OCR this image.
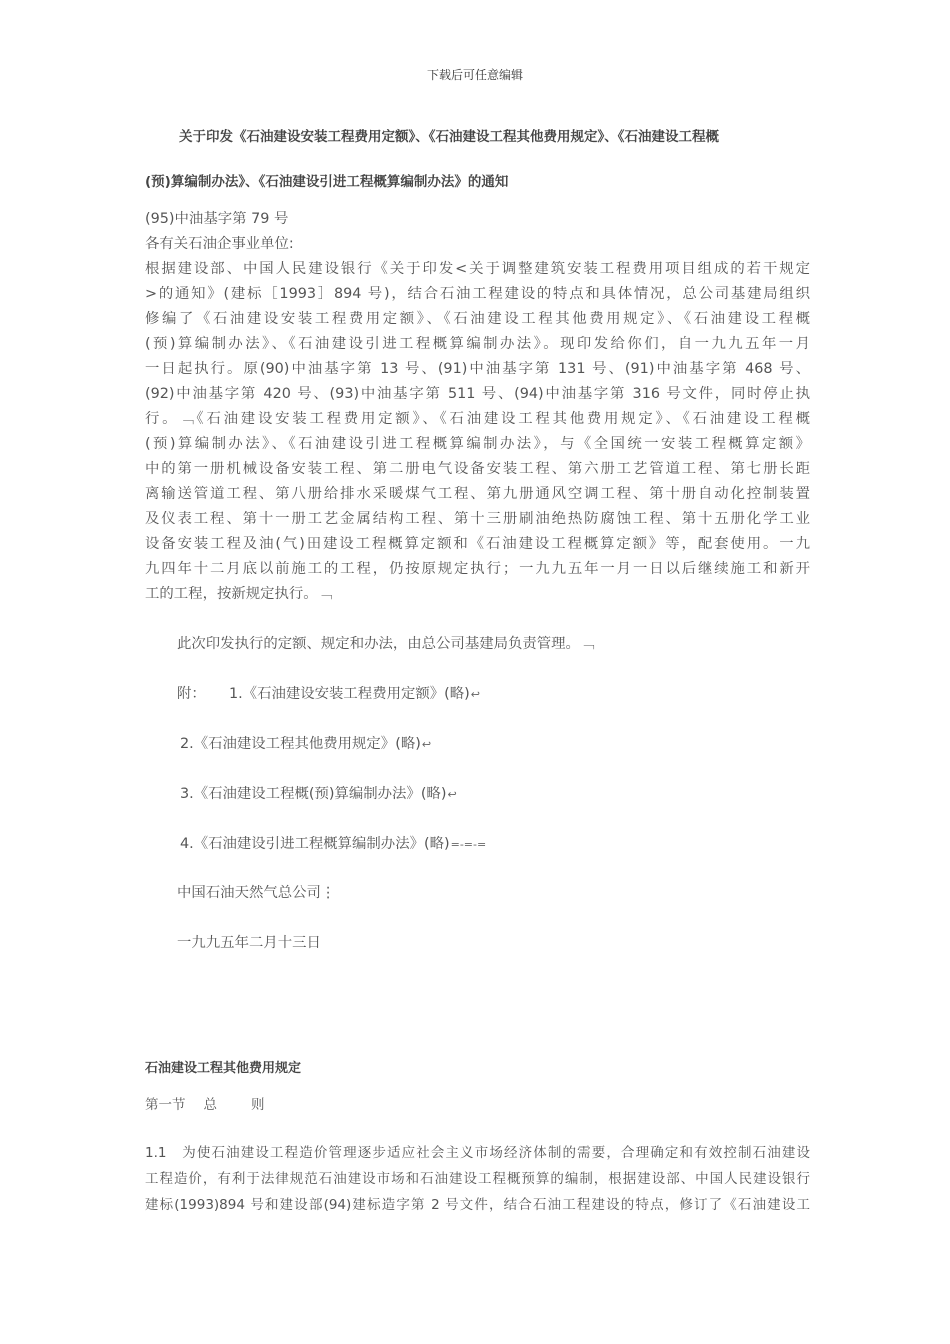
下载后可任意编辑
关于印发《石油建设安装工程费用定额》、《石油建设工程其他费用规定》、《石油建设工程概
(预)算编制办法》、《石油建设引进工程概算编制办法》的通知
(95)中油基字第 79 号
各有关石油企事业单位:
根据建设部、中国人民建设银行《关于印发<关于调整建筑安装工程费用项目组成的若干规定
>的通知》(建标［1993］894 号)，结合石油工程建设的特点和具体情况，总公司基建局组织
修编了《石油建设安装工程费用定额》、《石油建设工程其他费用规定》、《石油建设工程概
(预)算编制办法》、《石油建设引进工程概算编制办法》。现印发给你们，自一九九五年一月
一日起执行。原(90)中油基字第 13 号、(91)中油基字第 131 号、(91)中油基字第 468 号、
(92)中油基字第 420 号、(93)中油基字第 511 号、(94)中油基字第 316 号文件，同时停止执
行。﹁《石油建设安装工程费用定额》、《石油建设工程其他费用规定》、《石油建设工程概
(预)算编制办法》、《石油建设引进工程概算编制办法》，与《全国统一安装工程概算定额》
中的第一册机械设备安装工程、第二册电气设备安装工程、第六册工艺管道工程、第七册长距
离输送管道工程、第八册给排水采暖煤气工程、第九册通风空调工程、第十册自动化控制装置
及仪表工程、第十一册工艺金属结构工程、第十三册刷油绝热防腐蚀工程、第十五册化学工业
设备安装工程及油(气)田建设工程概算定额和《石油建设工程概算定额》等，配套使用。一九
九四年十二月底以前施工的工程，仍按原规定执行；一九九五年一月一日以后继续施工和新开
工的工程，按新规定执行。﹁
此次印发执行的定额、规定和办法，由总公司基建局负责管理。﹁
附： 1.《石油建设安装工程费用定额》(略)↩
2.《石油建设工程其他费用规定》(略)↩
3.《石油建设工程概(预)算编制办法》(略)↩
4.《石油建设引进工程概算编制办法》(略)=-=-=
中国石油天然气总公司⋮
一九九五年二月十三日
石油建设工程其他费用规定
第一节 总	则
1.1　为使石油建设工程造价管理逐步适应社会主义市场经济体制的需要，合理确定和有效控制石油建设
工程造价，有利于法律规范石油建设市场和石油建设工程概预算的编制，根据建设部、中国人民建设银行
建标(1993)894 号和建设部(94)建标造字第 2 号文件，结合石油工程建设的特点，修订了《石油建设工
